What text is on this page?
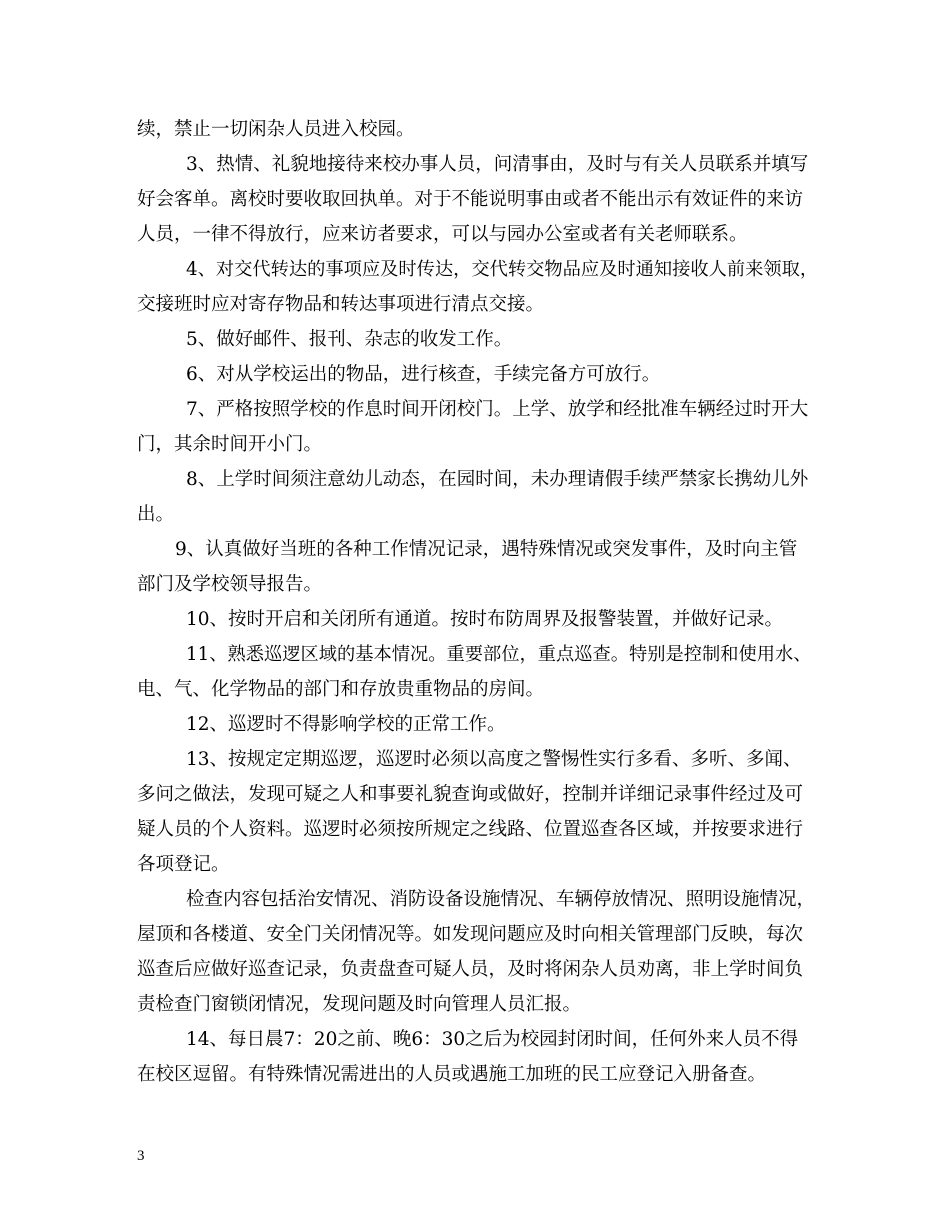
续，禁止一切闲杂人员进入校园。
3、热情、礼貌地接待来校办事人员，问清事由，及时与有关人员联系并填写
好会客单。离校时要收取回执单。对于不能说明事由或者不能出示有效证件的来访
人员，一律不得放行，应来访者要求，可以与园办公室或者有关老师联系。
4、对交代转达的事项应及时传达，交代转交物品应及时通知接收人前来领取，
交接班时应对寄存物品和转达事项进行清点交接。
5、做好邮件、报刊、杂志的收发工作。
6、对从学校运出的物品，进行核查，手续完备方可放行。
7、严格按照学校的作息时间开闭校门。上学、放学和经批准车辆经过时开大
门，其余时间开小门。
8、上学时间须注意幼儿动态，在园时间，未办理请假手续严禁家长携幼儿外
出。
9、认真做好当班的各种工作情况记录，遇特殊情况或突发事件，及时向主管
部门及学校领导报告。
10、按时开启和关闭所有通道。按时布防周界及报警装置，并做好记录。
11、熟悉巡逻区域的基本情况。重要部位，重点巡查。特别是控制和使用水、
电、气、化学物品的部门和存放贵重物品的房间。
12、巡逻时不得影响学校的正常工作。
13、按规定定期巡逻，巡逻时必须以高度之警惕性实行多看、多听、多闻、
多问之做法，发现可疑之人和事要礼貌查询或做好，控制并详细记录事件经过及可
疑人员的个人资料。巡逻时必须按所规定之线路、位置巡查各区域，并按要求进行
各项登记。
检查内容包括治安情况、消防设备设施情况、车辆停放情况、照明设施情况，
屋顶和各楼道、安全门关闭情况等。如发现问题应及时向相关管理部门反映，每次
巡查后应做好巡查记录，负责盘查可疑人员，及时将闲杂人员劝离，非上学时间负
责检查门窗锁闭情况，发现问题及时向管理人员汇报。
14、每日晨7：20之前、晚6：30之后为校园封闭时间，任何外来人员不得
在校区逗留。有特殊情况需进出的人员或遇施工加班的民工应登记入册备查。
3
